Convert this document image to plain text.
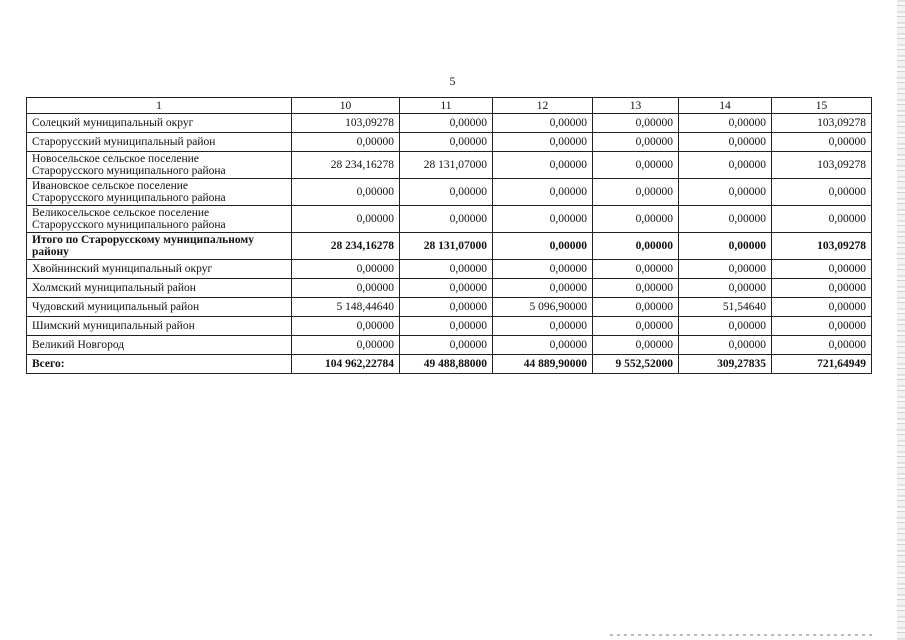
5
1	10	11	12	13	14	15
Солецкий муниципальный округ	103,09278	0,00000	0,00000	0,00000	0,00000	103,09278
Старорусский муниципальный район	0,00000	0,00000	0,00000	0,00000	0,00000	0,00000
Новосельское сельское поселение
Старорусского муниципального района	28 234,16278	28 131,07000	0,00000	0,00000	0,00000	103,09278
Ивановское сельское поселение
Старорусского муниципального района	0,00000	0,00000	0,00000	0,00000	0,00000	0,00000
Великосельское сельское поселение
Старорусского муниципального района	0,00000	0,00000	0,00000	0,00000	0,00000	0,00000
Итого по Старорусскому муниципальному району	28 234,16278	28 131,07000	0,00000	0,00000	0,00000	103,09278
Хвойнинский муниципальный округ	0,00000	0,00000	0,00000	0,00000	0,00000	0,00000
Холмский муниципальный район	0,00000	0,00000	0,00000	0,00000	0,00000	0,00000
Чудовский муниципальный район	5 148,44640	0,00000	5 096,90000	0,00000	51,54640	0,00000
Шимский муниципальный район	0,00000	0,00000	0,00000	0,00000	0,00000	0,00000
Великий Новгород	0,00000	0,00000	0,00000	0,00000	0,00000	0,00000
Всего:	104 962,22784	49 488,88000	44 889,90000	9 552,52000	309,27835	721,64949
